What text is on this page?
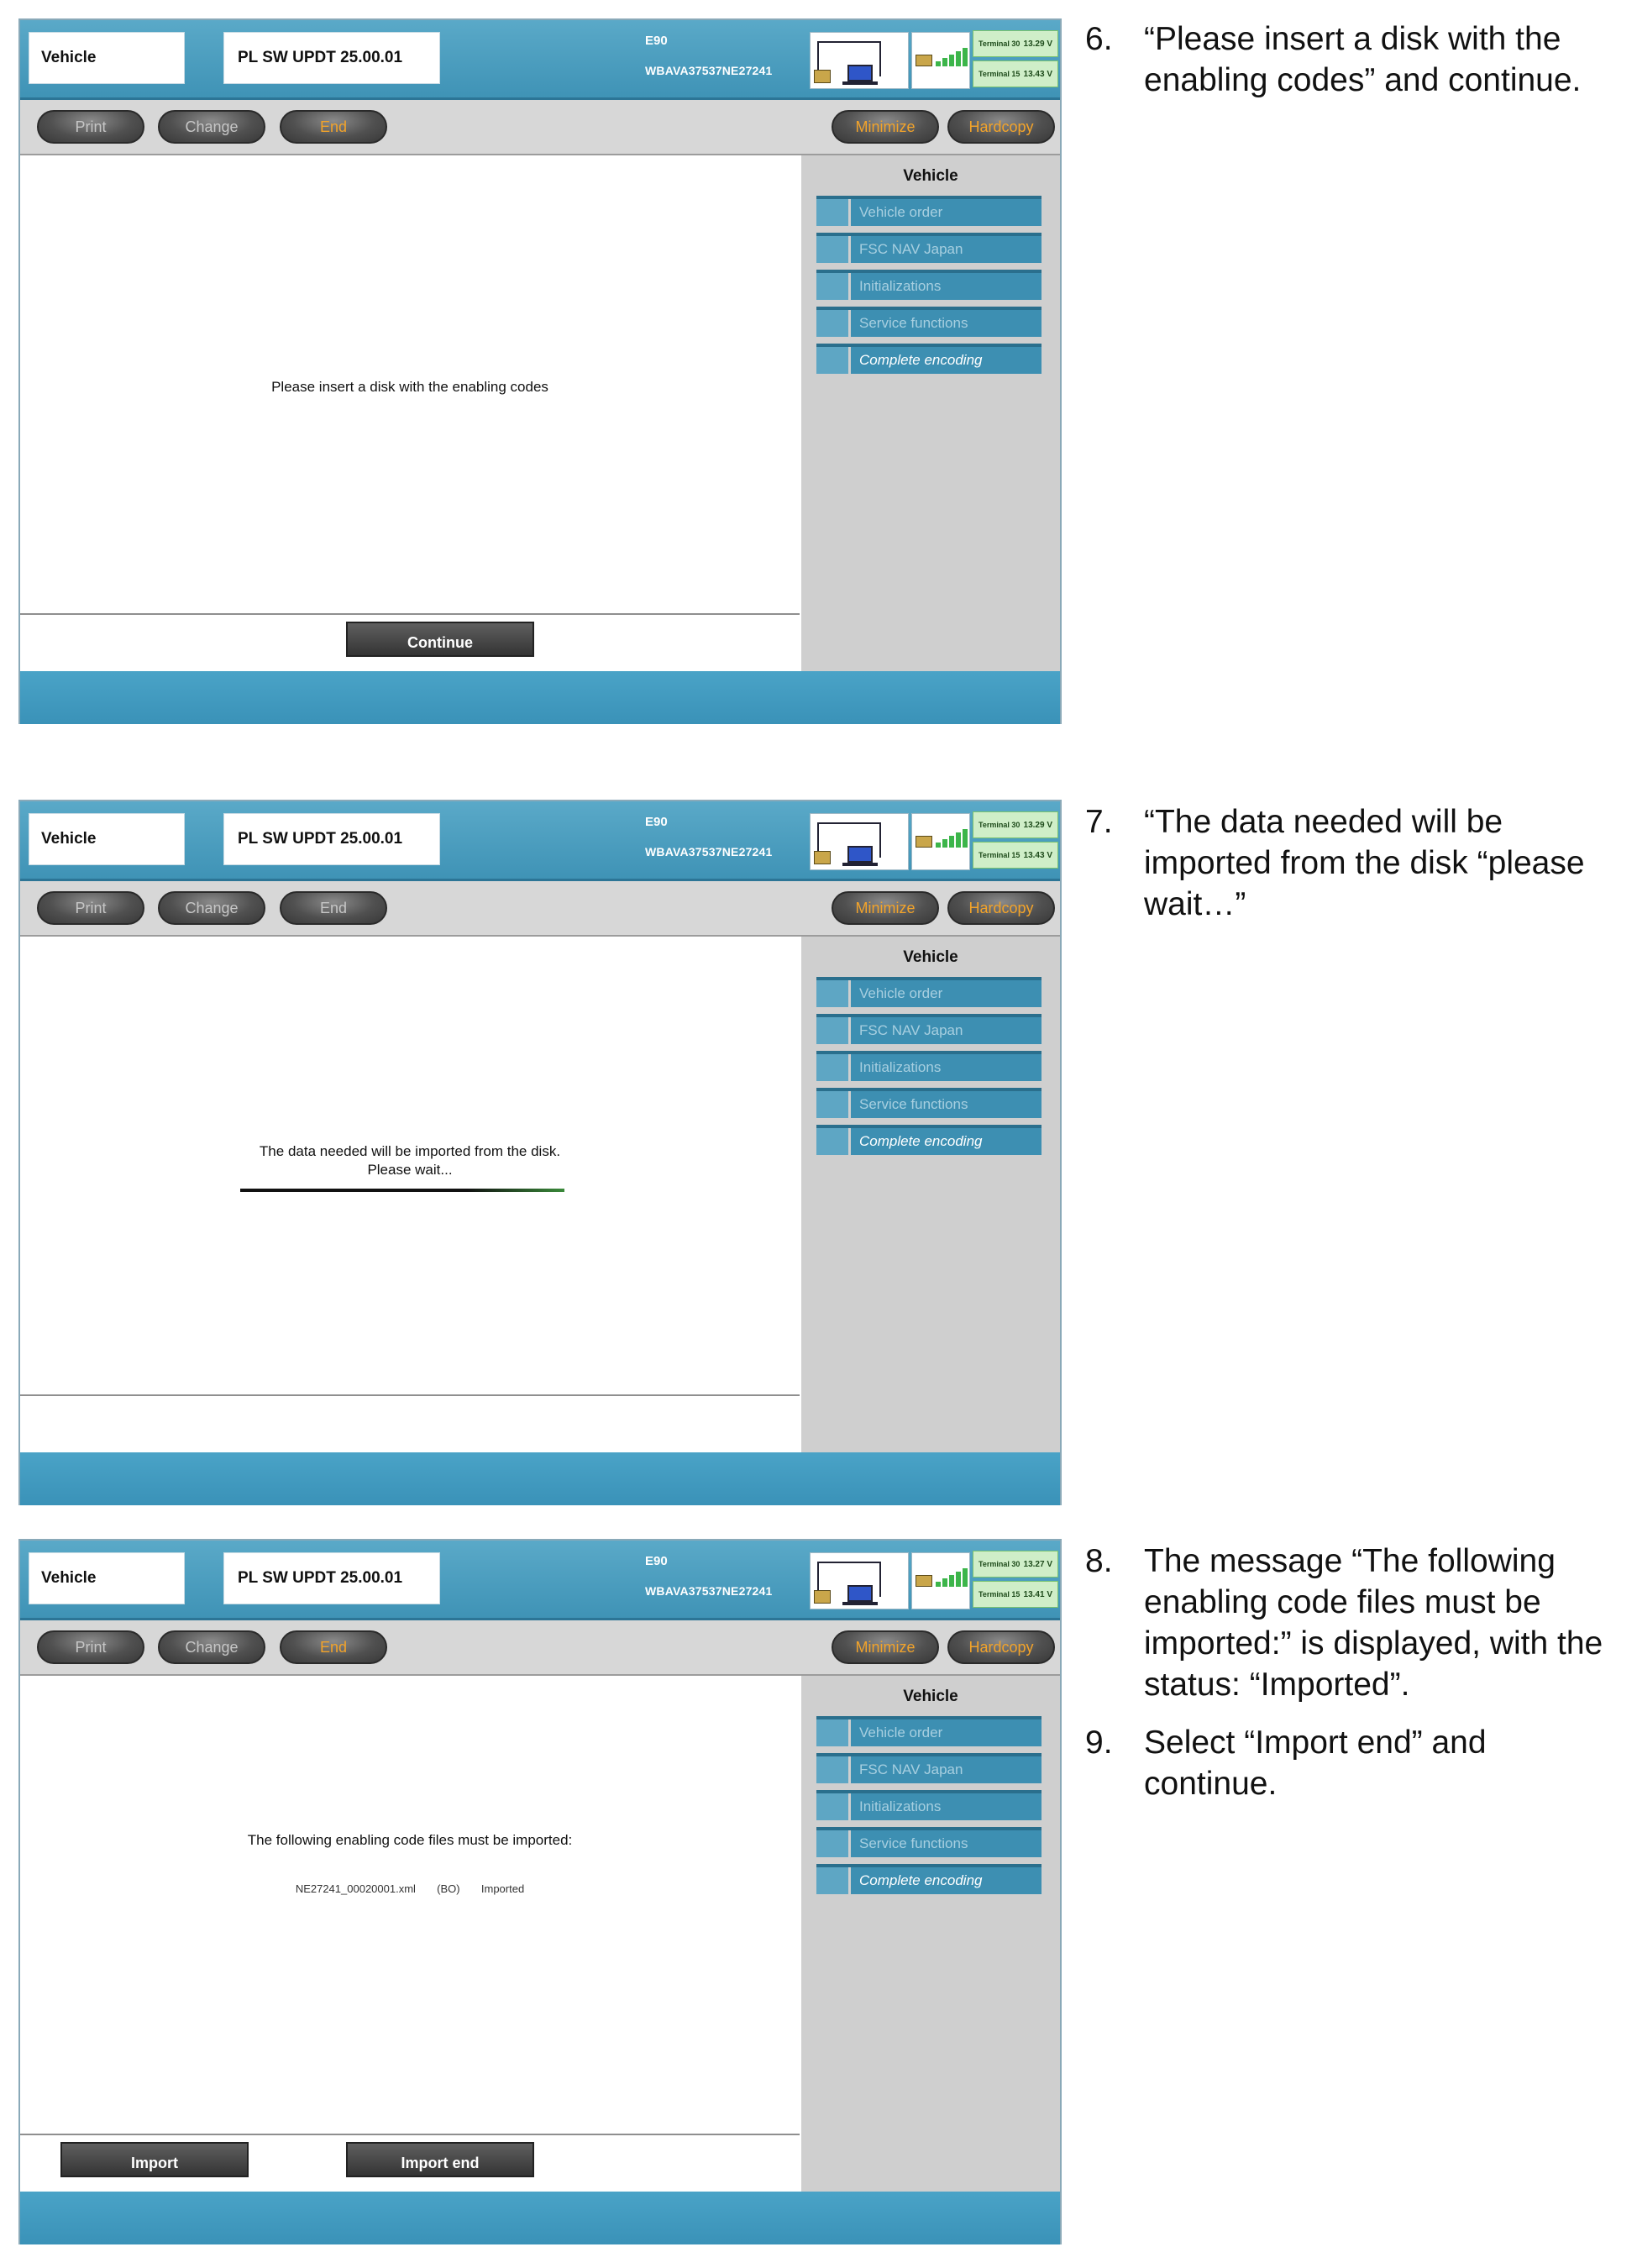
Vehicle	PL SW UPDT 25.00.01
E90
WBAVA37537NE27241
Terminal 30 13.29 V
Terminal 15 13.43 V
Print	Change	End	Minimize	Hardcopy
Please insert a disk with the enabling codes
Vehicle
Vehicle order
FSC NAV Japan
Initializations
Service functions
Complete encoding
Continue
Vehicle	PL SW UPDT 25.00.01
E90
WBAVA37537NE27241
Terminal 30 13.29 V
Terminal 15 13.43 V
Print	Change	End	Minimize	Hardcopy
The data needed will be imported from the disk.
Please wait...
Vehicle
Vehicle order
FSC NAV Japan
Initializations
Service functions
Complete encoding
Vehicle	PL SW UPDT 25.00.01
E90
WBAVA37537NE27241
Terminal 30 13.27 V
Terminal 15 13.41 V
Print	Change	End	Minimize	Hardcopy
The following enabling code files must be imported:
NE27241_00020001.xml (BO) Imported
Vehicle
Vehicle order
FSC NAV Japan
Initializations
Service functions
Complete encoding
Import	Import end
6. “Please insert a disk with the enabling codes” and continue.
7. “The data needed will be imported from the disk “please wait…”
8. The message “The following enabling code files must be imported:” is displayed, with the status: “Imported”.
9. Select “Import end” and continue.
